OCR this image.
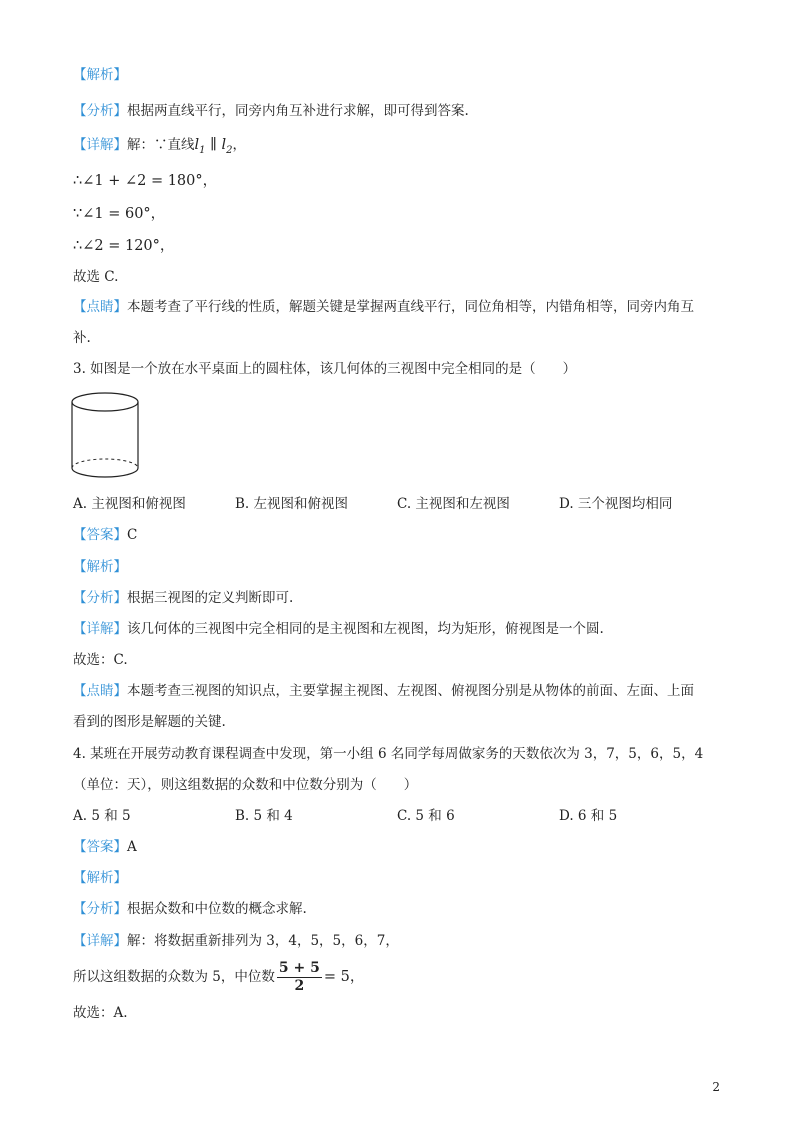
【解析】
【分析】根据两直线平行，同旁内角互补进行求解，即可得到答案.
【详解】解：∵直线$l_1$ ∥ $l_2$，
∴∠1 + ∠2 = 180°，
∵∠1 = 60°，
∴∠2 = 120°，
故选 C.
【点睛】本题考查了平行线的性质，解题关键是掌握两直线平行，同位角相等，内错角相等，同旁内角互
补.
3. 如图是一个放在水平桌面上的圆柱体，该几何体的三视图中完全相同的是（　　）
A. 主视图和俯视图	B. 左视图和俯视图	C. 主视图和左视图	D. 三个视图均相同
【答案】C
【解析】
【分析】根据三视图的定义判断即可.
【详解】该几何体的三视图中完全相同的是主视图和左视图，均为矩形，俯视图是一个圆.
故选：C.
【点睛】本题考查三视图的知识点，主要掌握主视图、左视图、俯视图分别是从物体的前面、左面、上面
看到的图形是解题的关键.
4. 某班在开展劳动教育课程调查中发现，第一小组 6 名同学每周做家务的天数依次为 3，7，5，6，5，4
（单位：天），则这组数据的众数和中位数分别为（　　）
A. 5 和 5	B. 5 和 4	C. 5 和 6	D. 6 和 5
【答案】A
【解析】
【分析】根据众数和中位数的概念求解.
【详解】解：将数据重新排列为 3，4，5，5，6，7，
所以这组数据的众数为 5，中位数 $\frac{5 + 5}{2} = 5$，
故选：A.
2
